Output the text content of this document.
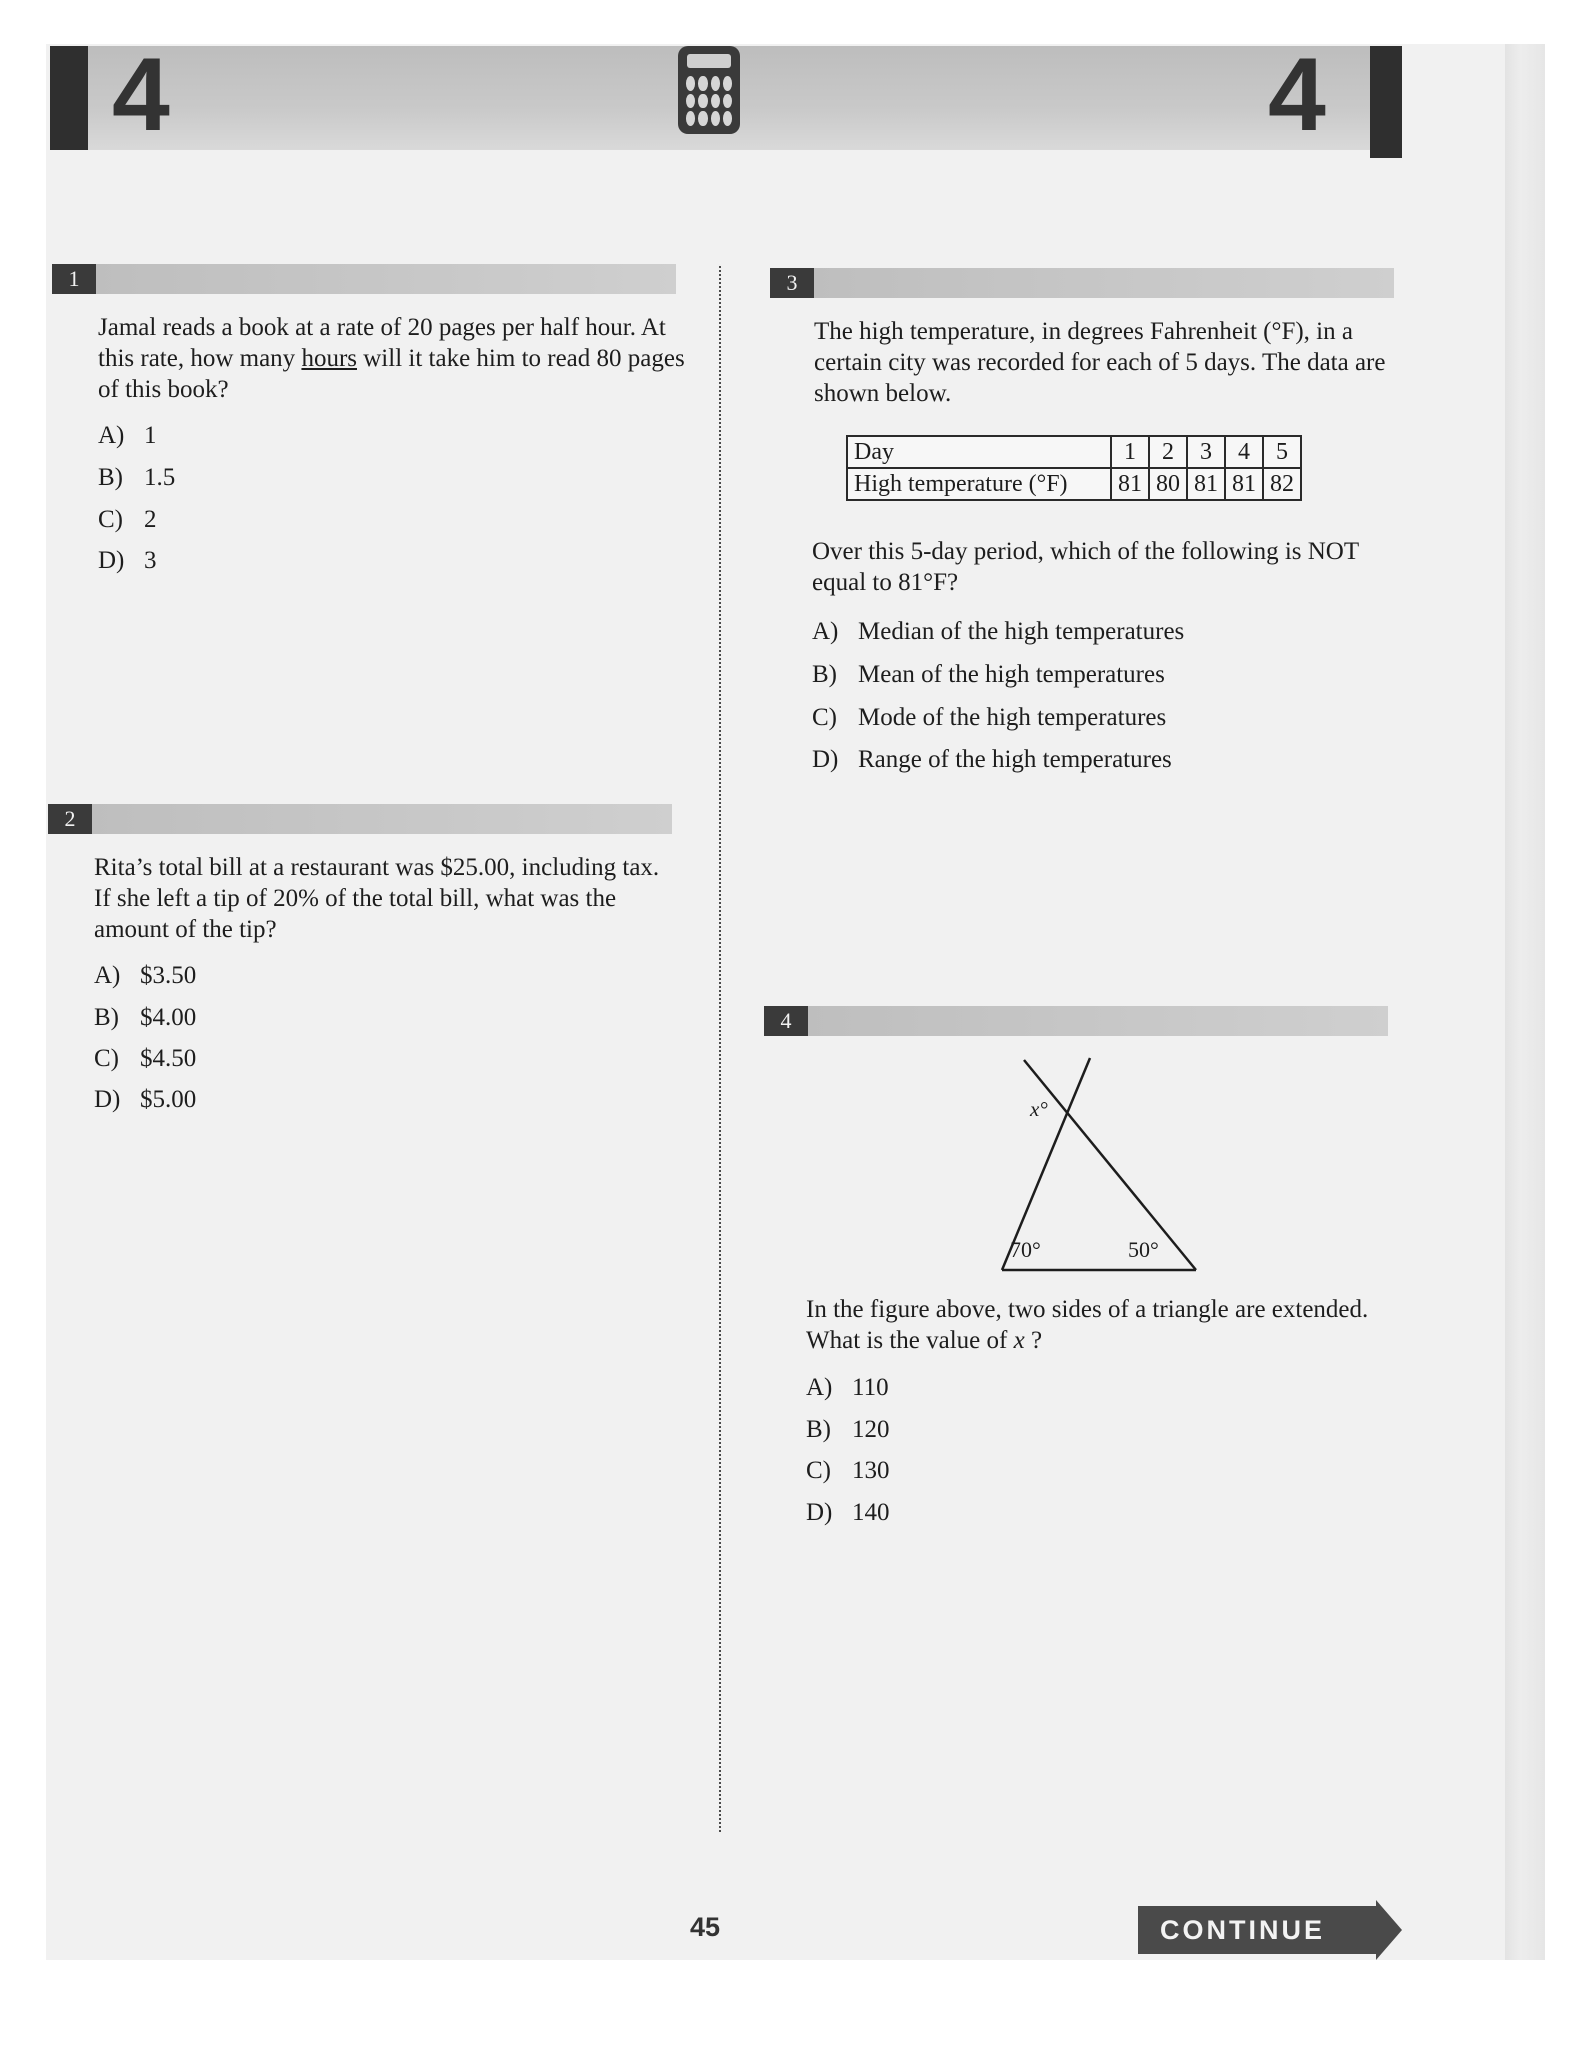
4	4
1
Jamal reads a book at a rate of 20 pages per half hour. At this rate, how many hours will it take him to read 80 pages of this book?
A) 1
B) 1.5
C) 2
D) 3
2
Rita’s total bill at a restaurant was $25.00, including tax. If she left a tip of 20% of the total bill, what was the amount of the tip?
A) $3.50
B) $4.00
C) $4.50
D) $5.00
3
The high temperature, in degrees Fahrenheit (°F), in a certain city was recorded for each of 5 days. The data are shown below.
Day	1	2	3	4	5
High temperature (°F)	81	80	81	81	82
Over this 5-day period, which of the following is NOT equal to 81°F?
A) Median of the high temperatures
B) Mean of the high temperatures
C) Mode of the high temperatures
D) Range of the high temperatures
4
x°
70°	50°
In the figure above, two sides of a triangle are extended. What is the value of x ?
A) 110
B) 120
C) 130
D) 140
45	CONTINUE
